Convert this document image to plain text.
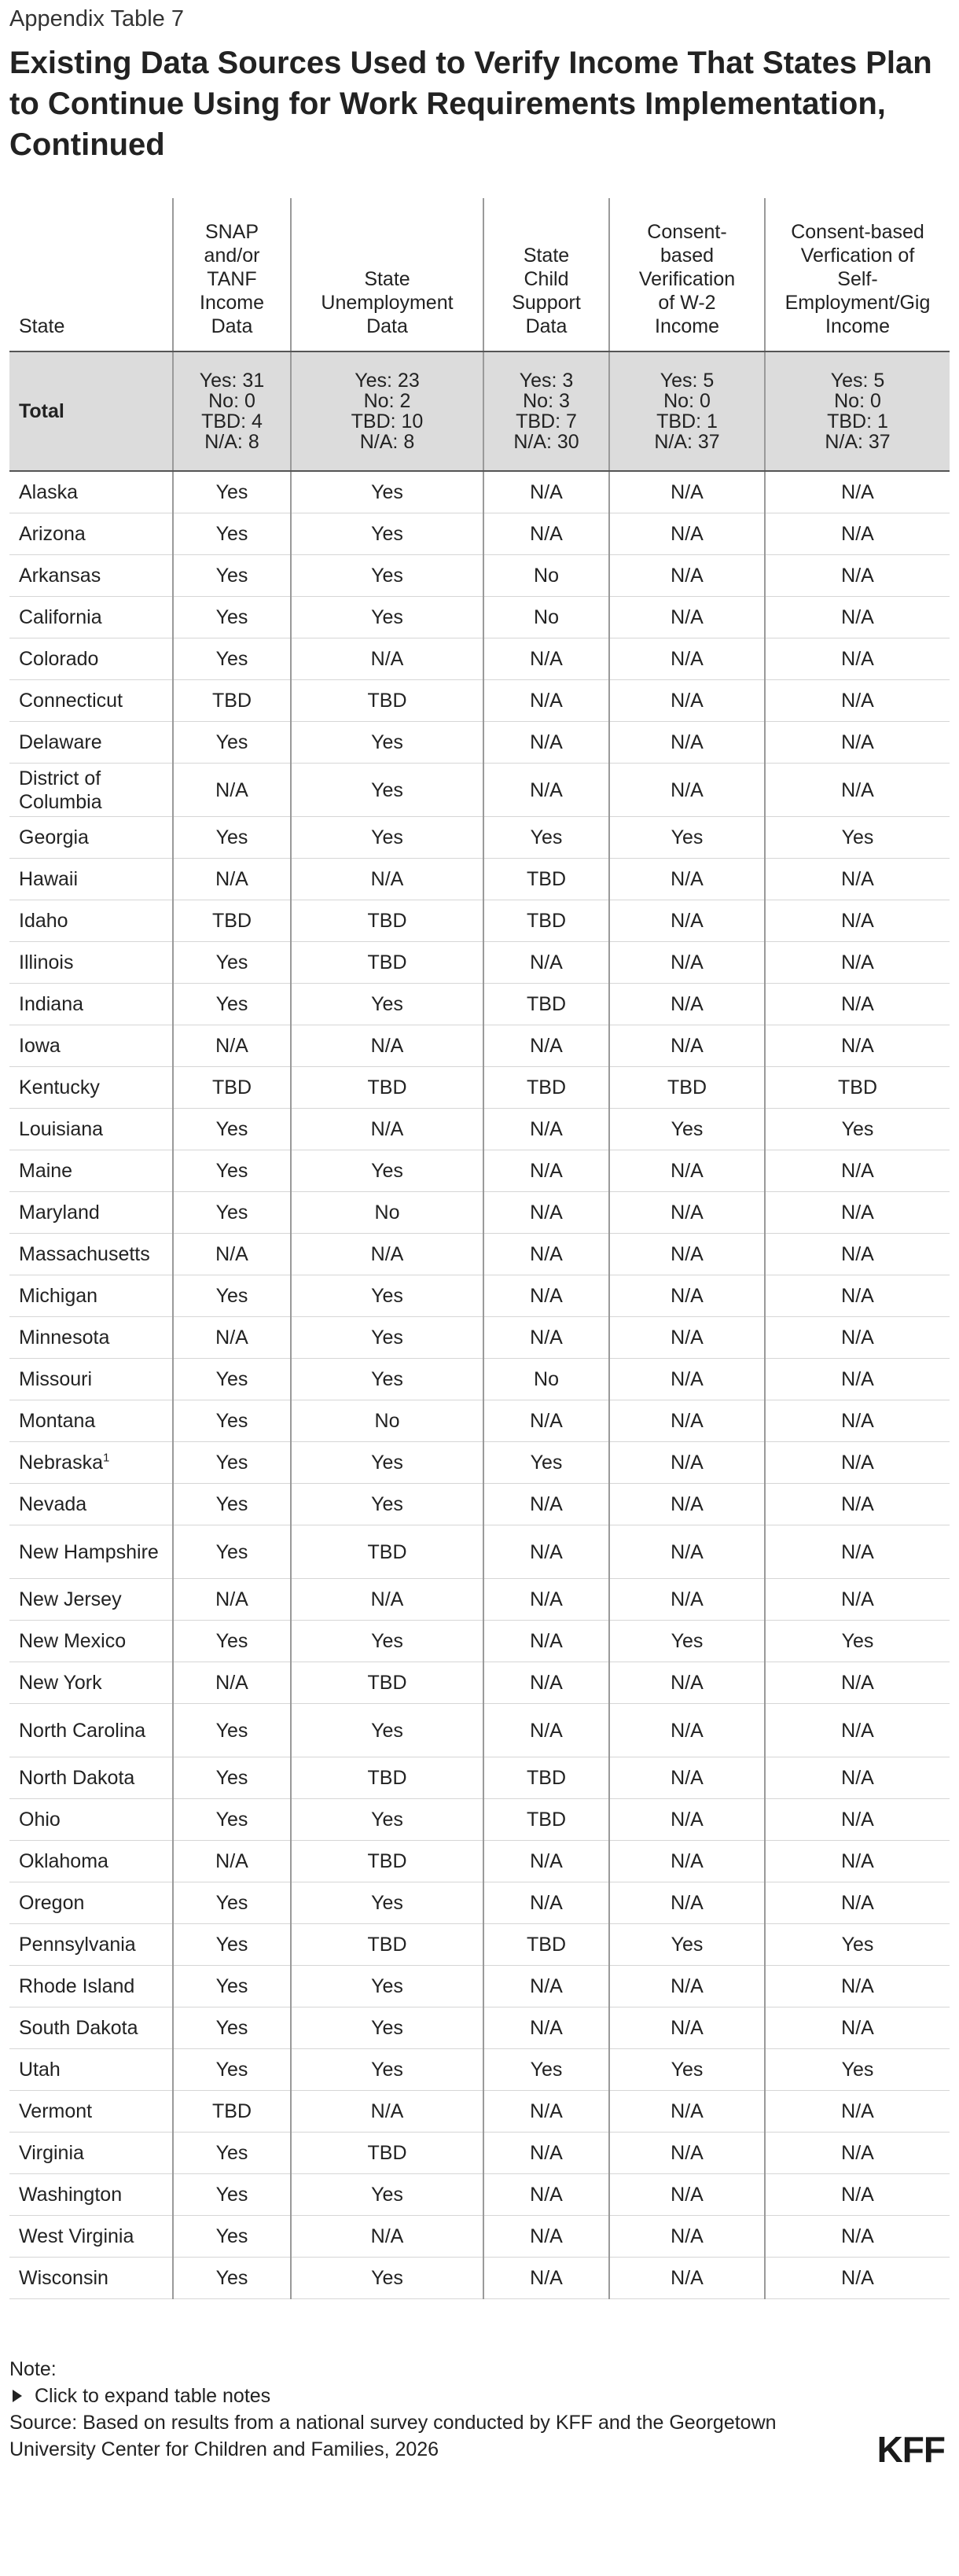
Appendix Table 7
Existing Data Sources Used to Verify Income That States Plan to Continue Using for Work Requirements Implementation, Continued
State	SNAP
and/or
TANF
Income
Data	State
Unemployment
Data	State
Child
Support
Data	Consent-
based
Verification
of W-2
Income	Consent-based
Verfication of
Self-
Employment/Gig
Income

Total	Yes: 31
No: 0
TBD: 4
N/A: 8	Yes: 23
No: 2
TBD: 10
N/A: 8	Yes: 3
No: 3
TBD: 7
N/A: 30	Yes: 5
No: 0
TBD: 1
N/A: 37	Yes: 5
No: 0
TBD: 1
N/A: 37

Alaska	Yes	Yes	N/A	N/A	N/A
Arizona	Yes	Yes	N/A	N/A	N/A
Arkansas	Yes	Yes	No	N/A	N/A
California	Yes	Yes	No	N/A	N/A
Colorado	Yes	N/A	N/A	N/A	N/A
Connecticut	TBD	TBD	N/A	N/A	N/A
Delaware	Yes	Yes	N/A	N/A	N/A
District of Columbia	N/A	Yes	N/A	N/A	N/A
Georgia	Yes	Yes	Yes	Yes	Yes
Hawaii	N/A	N/A	TBD	N/A	N/A
Idaho	TBD	TBD	TBD	N/A	N/A
Illinois	Yes	TBD	N/A	N/A	N/A
Indiana	Yes	Yes	TBD	N/A	N/A
Iowa	N/A	N/A	N/A	N/A	N/A
Kentucky	TBD	TBD	TBD	TBD	TBD
Louisiana	Yes	N/A	N/A	Yes	Yes
Maine	Yes	Yes	N/A	N/A	N/A
Maryland	Yes	No	N/A	N/A	N/A
Massachusetts	N/A	N/A	N/A	N/A	N/A
Michigan	Yes	Yes	N/A	N/A	N/A
Minnesota	N/A	Yes	N/A	N/A	N/A
Missouri	Yes	Yes	No	N/A	N/A
Montana	Yes	No	N/A	N/A	N/A
Nebraska$^1$	Yes	Yes	Yes	N/A	N/A
Nevada	Yes	Yes	N/A	N/A	N/A
New Hampshire	Yes	TBD	N/A	N/A	N/A
New Jersey	N/A	N/A	N/A	N/A	N/A
New Mexico	Yes	Yes	N/A	Yes	Yes
New York	N/A	TBD	N/A	N/A	N/A
North Carolina	Yes	Yes	N/A	N/A	N/A
North Dakota	Yes	TBD	TBD	N/A	N/A
Ohio	Yes	Yes	TBD	N/A	N/A
Oklahoma	N/A	TBD	N/A	N/A	N/A
Oregon	Yes	Yes	N/A	N/A	N/A
Pennsylvania	Yes	TBD	TBD	Yes	Yes
Rhode Island	Yes	Yes	N/A	N/A	N/A
South Dakota	Yes	Yes	N/A	N/A	N/A
Utah	Yes	Yes	Yes	Yes	Yes
Vermont	TBD	N/A	N/A	N/A	N/A
Virginia	Yes	TBD	N/A	N/A	N/A
Washington	Yes	Yes	N/A	N/A	N/A
West Virginia	Yes	N/A	N/A	N/A	N/A
Wisconsin	Yes	Yes	N/A	N/A	N/A
Note:
Click to expand table notes
Source: Based on results from a national survey conducted by KFF and the Georgetown University Center for Children and Families, 2026	KFF
